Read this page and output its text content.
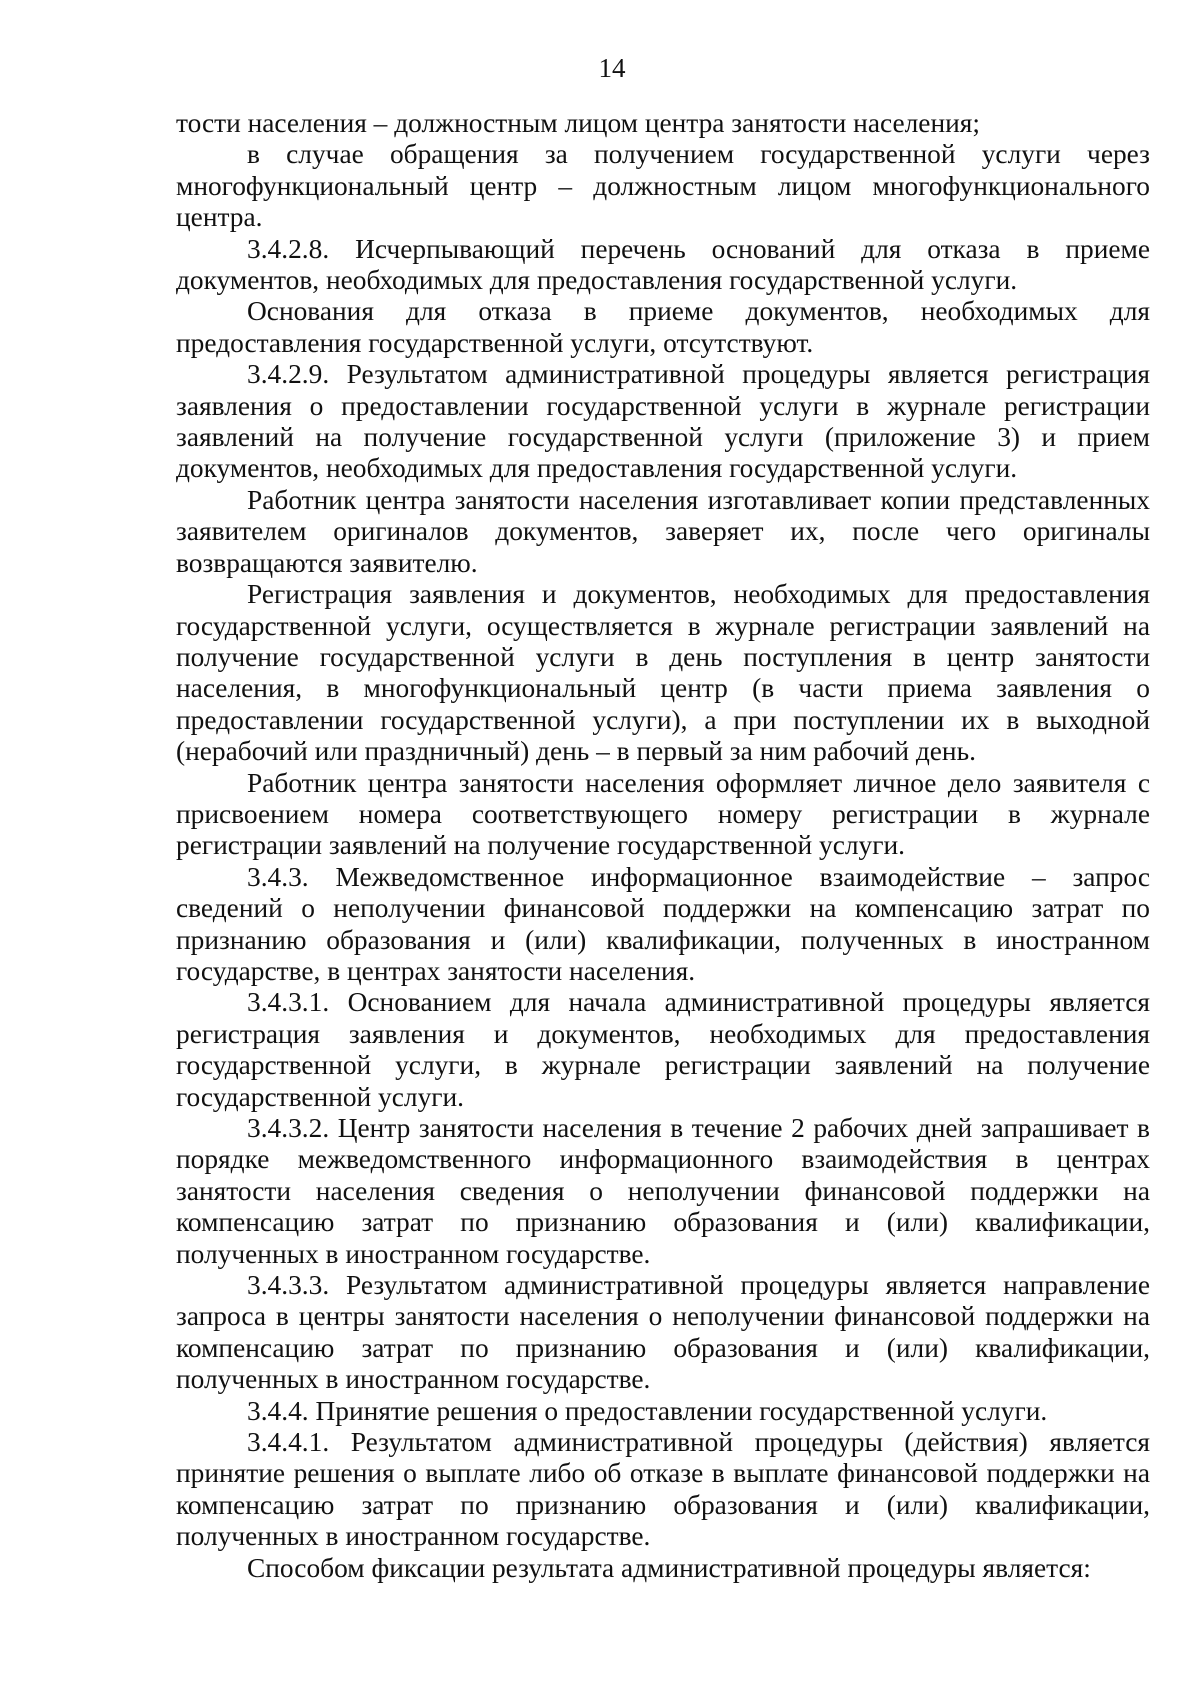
14

тости населения – должностным лицом центра занятости населения;

в случае обращения за получением государственной услуги через многофункциональный центр – должностным лицом многофункционального центра.

3.4.2.8. Исчерпывающий перечень оснований для отказа в приеме документов, необходимых для предоставления государственной услуги.

Основания для отказа в приеме документов, необходимых для предоставления государственной услуги, отсутствуют.

3.4.2.9. Результатом административной процедуры является регистрация заявления о предоставлении государственной услуги в журнале регистрации заявлений на получение государственной услуги (приложение 3) и прием документов, необходимых для предоставления государственной услуги.

Работник центра занятости населения изготавливает копии представленных заявителем оригиналов документов, заверяет их, после чего оригиналы возвращаются заявителю.

Регистрация заявления и документов, необходимых для предоставления государственной услуги, осуществляется в журнале регистрации заявлений на получение государственной услуги в день поступления в центр занятости населения, в многофункциональный центр (в части приема заявления о предоставлении государственной услуги), а при поступлении их в выходной (нерабочий или праздничный) день – в первый за ним рабочий день.

Работник центра занятости населения оформляет личное дело заявителя с присвоением номера соответствующего номеру регистрации в журнале регистрации заявлений на получение государственной услуги.

3.4.3. Межведомственное информационное взаимодействие – запрос сведений о неполучении финансовой поддержки на компенсацию затрат по признанию образования и (или) квалификации, полученных в иностранном государстве, в центрах занятости населения.

3.4.3.1. Основанием для начала административной процедуры является регистрация заявления и документов, необходимых для предоставления государственной услуги, в журнале регистрации заявлений на получение государственной услуги.

3.4.3.2. Центр занятости населения в течение 2 рабочих дней запрашивает в порядке межведомственного информационного взаимодействия в центрах занятости населения сведения о неполучении финансовой поддержки на компенсацию затрат по признанию образования и (или) квалификации, полученных в иностранном государстве.

3.4.3.3. Результатом административной процедуры является направление запроса в центры занятости населения о неполучении финансовой поддержки на компенсацию затрат по признанию образования и (или) квалификации, полученных в иностранном государстве.

3.4.4. Принятие решения о предоставлении государственной услуги.

3.4.4.1. Результатом административной процедуры (действия) является принятие решения о выплате либо об отказе в выплате финансовой поддержки на компенсацию затрат по признанию образования и (или) квалификации, полученных в иностранном государстве.

Способом фиксации результата административной процедуры является:
